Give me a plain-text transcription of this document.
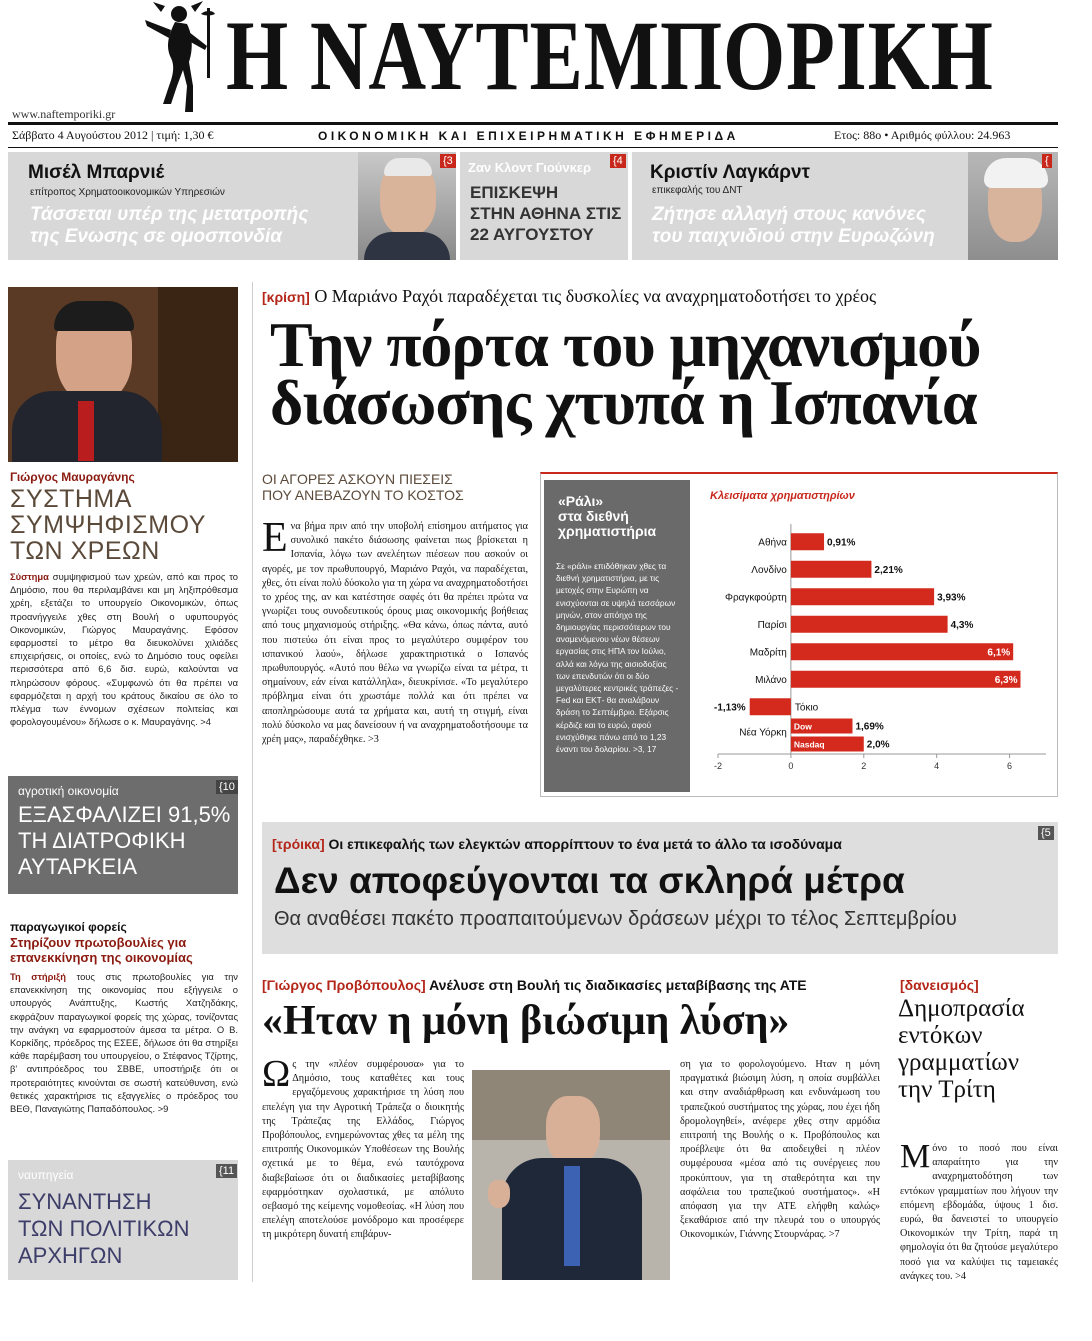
Η ΝΑΥΤΕΜΠΟΡΙΚΗ
www.naftemporiki.gr
Σάββατο 4 Αυγούστου 2012 | τιμή: 1,30 €	ΟΙΚΟΝΟΜΙΚΗ ΚΑΙ ΕΠΙΧΕΙΡΗΜΑΤΙΚΗ ΕΦΗΜΕΡΙΔΑ	Ετος: 88ο • Αριθμός φύλλου: 24.963
Μισέλ Μπαρνιέ
επίτροπος Χρηματοοικονομικών Υπηρεσιών
Τάσσεται υπέρ της μετατροπής
της Ενωσης σε ομοσπονδία
{3 Ζαν Κλοντ Γιούνκερ {4
ΕΠΙΣΚΕΨΗ
ΣΤΗΝ ΑΘΗΝΑ ΣΤΙΣ
22 ΑΥΓΟΥΣΤΟΥ
Κριστίν Λαγκάρντ
επικεφαλής του ΔΝΤ
Ζήτησε αλλαγή στους κανόνες
του παιχνιδιού στην Ευρωζώνη
{
Γιώργος Μαυραγάνης
ΣΥΣΤΗΜΑ
ΣΥΜΨΗΦΙΣΜΟΥ
ΤΩΝ ΧΡΕΩΝ
Σύστημα συμψηφισμού των χρεών, από και προς το Δημόσιο, που θα περιλαμβάνει και μη ληξιπρόθεσμα χρέη, εξετάζει το υπουργείο Οικονομικών, όπως προανήγγειλε χθες στη Βουλή ο υφυπουργός Οικονομικών, Γιώργος Μαυραγάνης. Εφόσον εφαρμοστεί το μέτρο θα διευκολύνει χιλιάδες επιχειρήσεις, οι οποίες, ενώ το Δημόσιο τους οφείλει περισσότερα από 6,6 δισ. ευρώ, καλούνται να πληρώσουν φόρους. «Συμφωνώ ότι θα πρέπει να εφαρμόζεται η αρχή του κράτους δικαίου σε όλο το πλέγμα των έννομων σχέσεων πολιτείας και φορολογουμένου» δήλωσε ο κ. Μαυραγάνης. >4
αγροτική οικονομία	{10
ΕΞΑΣΦΑΛΙΖΕΙ 91,5%
ΤΗ ΔΙΑΤΡΟΦΙΚΗ
ΑΥΤΑΡΚΕΙΑ
παραγωγικοί φορείς
Στηρίζουν πρωτοβουλίες για
επανεκκίνηση της οικονομίας
Τη στήριξή τους στις πρωτοβουλίες για την επανεκκίνηση της οικονομίας που εξήγγειλε ο υπουργός Ανάπτυξης, Κωστής Χατζηδάκης, εκφράζουν παραγωγικοί φορείς της χώρας, τονίζοντας την ανάγκη να εφαρμοστούν άμεσα τα μέτρα. Ο Β. Κορκίδης, πρόεδρος της ΕΣΕΕ, δήλωσε ότι θα στηρίξει κάθε παρέμβαση του υπουργείου, ο Στέφανος Τζίρτης, β' αντιπρόεδρος του ΣΒΒΕ, υποστήριξε ότι οι προτεραιότητες κινούνται σε σωστή κατεύθυνση, ενώ θετικές χαρακτήρισε τις εξαγγελίες ο πρόεδρος του ΒΕΘ, Παναγιώτης Παπαδόπουλος. >9
ναυπηγεία	{11
ΣΥΝΑΝΤΗΣΗ
ΤΩΝ ΠΟΛΙΤΙΚΩΝ
ΑΡΧΗΓΩΝ
[κρίση] Ο Μαριάνο Ραχόι παραδέχεται τις δυσκολίες να αναχρηματοδοτήσει το χρέος
Την πόρτα του μηχανισμού
διάσωσης χτυπά η Ισπανία
ΟΙ ΑΓΟΡΕΣ ΑΣΚΟΥΝ ΠΙΕΣΕΙΣ
ΠΟΥ ΑΝΕΒΑΖΟΥΝ ΤΟ ΚΟΣΤΟΣ
Ενα βήμα πριν από την υποβολή επίσημου αιτήματος για συνολικό πακέτο διάσωσης φαίνεται πως βρίσκεται η Ισπανία, λόγω των ανελέητων πιέσεων που ασκούν οι αγορές, με τον πρωθυπουργό, Μαριάνο Ραχόι, να παραδέχεται, χθες, ότι είναι πολύ δύσκολο για τη χώρα να αναχρηματοδοτήσει το χρέος της, αν και κατέστησε σαφές ότι θα πρέπει πρώτα να γνωρίζει τους συνοδευτικούς όρους μιας οικονομικής βοήθειας από τους μηχανισμούς στήριξης. «Θα κάνω, όπως πάντα, αυτό που πιστεύω ότι είναι προς το μεγαλύτερο συμφέρον του ισπανικού λαού», δήλωσε χαρακτηριστικά ο Ισπανός πρωθυπουργός. «Αυτό που θέλω να γνωρίζω είναι τα μέτρα, τι σημαίνουν, εάν είναι κατάλληλα», διευκρίνισε. «Το μεγαλύτερο πρόβλημα είναι ότι χρωστάμε πολλά και ότι πρέπει να αποπληρώσουμε αυτά τα χρήματα και, αυτή τη στιγμή, είναι πολύ δύσκολο να μας δανείσουν ή να αναχρηματοδοτήσουμε τα χρέη μας», παραδέχθηκε. >3
«Ράλι»
στα διεθνή
χρηματιστήρια
Σε «ράλι» επιδόθηκαν χθες τα διεθνή χρηματιστήρια, με τις μετοχές στην Ευρώπη να ενισχύονται σε υψηλά τεσσάρων μηνών, στον απόηχο της δημιουργίας περισσότερων του αναμενόμενου νέων θέσεων εργασίας στις ΗΠΑ τον Ιούλιο, αλλά και λόγω της αισιοδοξίας των επενδυτών ότι οι δύο μεγαλύτερες κεντρικές τράπεζες - Fed και ΕΚΤ- θα αναλάβουν δράση το Σεπτέμβριο. Εξάρσις κέρδιζε και το ευρώ, αφού ενισχύθηκε πάνω από το 1,23 έναντι του δολαρίου. >3, 17
Κλεισίματα χρηματιστηρίων
-2	0	2	4	6
Αθήνα	0,91%
Λονδίνο	2,21%
Φραγκφούρτη	3,93%
Παρίσι	4,3%
Μαδρίτη	6,1%
Μιλάνο	6,3%
Τόκιο
-1,13%
Dow	1,69%
Nasdaq	2,0%
Νέα Υόρκη
[τρόικα] Οι επικεφαλής των ελεγκτών απορρίπτουν το ένα μετά το άλλο τα ισοδύναμα
{5
Δεν αποφεύγονται τα σκληρά μέτρα
Θα αναθέσει πακέτο προαπαιτούμενων δράσεων μέχρι το τέλος Σεπτεμβρίου
[Γιώργος Προβόπουλος] Ανέλυσε στη Βουλή τις διαδικασίες μεταβίβασης της ΑΤΕ
«Ηταν η μόνη βιώσιμη λύση»
Ως την «πλέον συμφέρουσα» για το Δημόσιο, τους καταθέτες και τους εργαζόμενους χαρακτήρισε τη λύση που επελέγη για την Αγροτική Τράπεζα ο διοικητής της Τράπεζας της Ελλάδος, Γιώργος Προβόπουλος, ενημερώνοντας χθες τα μέλη της επιτροπής Οικονομικών Υποθέσεων της Βουλής σχετικά με το θέμα, ενώ ταυτόχρονα διαβεβαίωσε ότι οι διαδικασίες μεταβίβασης εφαρμόστηκαν σχολαστικά, με απόλυτο σεβασμό της κείμενης νομοθεσίας. «Η λύση που επελέγη αποτελούσε μονόδρομο και προσέφερε τη μικρότερη δυνατή επιβάρυν-
ση για το φορολογούμενο. Ηταν η μόνη πραγματικά βιώσιμη λύση, η οποία συμβάλλει και στην αναδιάρθρωση και ενδυνάμωση του τραπεζικού συστήματος της χώρας, που έχει ήδη δρομολογηθεί», ανέφερε χθες στην αρμόδια επιτροπή της Βουλής ο κ. Προβόπουλος και προέβλεψε ότι θα αποδειχθεί η πλέον συμφέρουσα «μέσα από τις συνέργειες που προκύπτουν, για τη σταθερότητα και την ασφάλεια του τραπεζικού συστήματος». «Η απόφαση για την ΑΤΕ ελήφθη καλώς» ξεκαθάρισε από την πλευρά του ο υπουργός Οικονομικών, Γιάννης Στουρνάρας. >7
[δανεισμός]
Δημοπρασία
εντόκων
γραμματίων
την Τρίτη
Μόνο το ποσό που είναι απαραίτητο για την αναχρηματοδότηση των εντόκων γραμματίων που λήγουν την επόμενη εβδομάδα, ύψους 1 δισ. ευρώ, θα δανειστεί το υπουργείο Οικονομικών την Τρίτη, παρά τη φημολογία ότι θα ζητούσε μεγαλύτερο ποσό για να καλύψει τις ταμειακές ανάγκες του. >4
